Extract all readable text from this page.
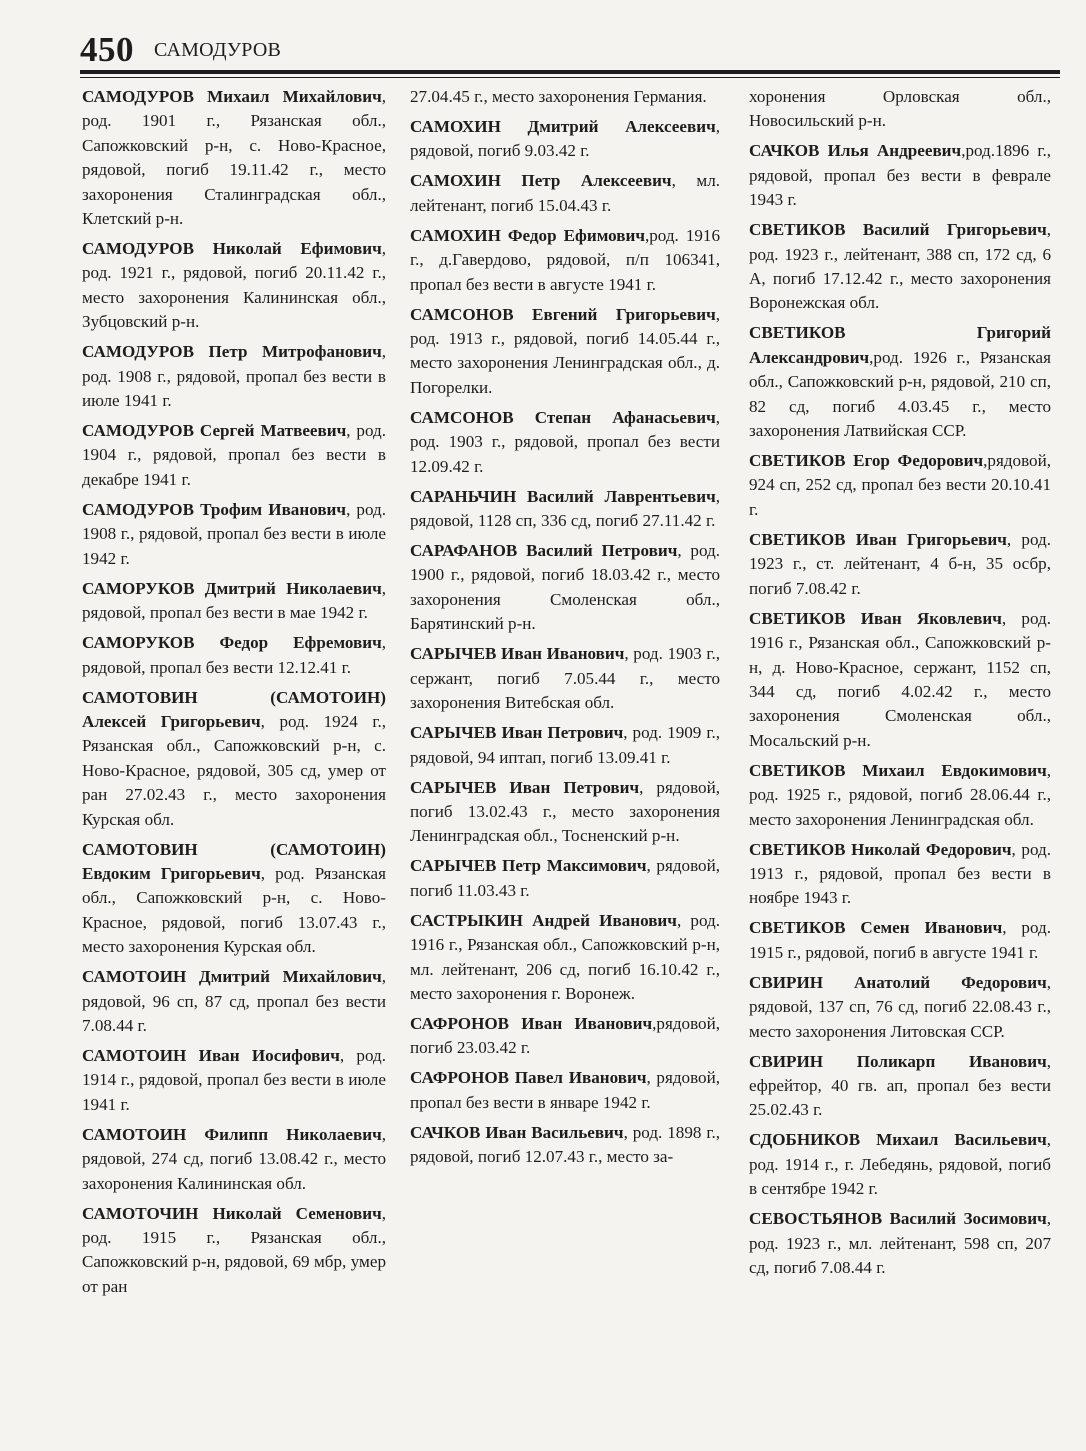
450 САМОДУРОВ
САМОДУРОВ Михаил Михайлович, род. 1901 г., Рязанская обл., Сапожковский р-н, с. Ново-Красное, рядовой, погиб 19.11.42 г., место захоронения Сталинградская обл., Клетский р-н.
САМОДУРОВ Николай Ефимович, род. 1921 г., рядовой, погиб 20.11.42 г., место захоронения Калининская обл., Зубцовский р-н.
САМОДУРОВ Петр Митрофанович, род. 1908 г., рядовой, пропал без вести в июле 1941 г.
САМОДУРОВ Сергей Матвеевич, род. 1904 г., рядовой, пропал без вести в декабре 1941 г.
САМОДУРОВ Трофим Иванович, род. 1908 г., рядовой, пропал без вести в июле 1942 г.
САМОРУКОВ Дмитрий Николаевич, рядовой, пропал без вести в мае 1942 г.
САМОРУКОВ Федор Ефремович, рядовой, пропал без вести 12.12.41 г.
САМОТОВИН (САМОТОИН) Алексей Григорьевич, род. 1924 г., Рязанская обл., Сапожковский р-н, с. Ново-Красное, рядовой, 305 сд, умер от ран 27.02.43 г., место захоронения Курская обл.
САМОТОВИН (САМОТОИН) Евдоким Григорьевич, род. Рязанская обл., Сапожковский р-н, с. Ново-Красное, рядовой, погиб 13.07.43 г., место захоронения Курская обл.
САМОТОИН Дмитрий Михайлович, рядовой, 96 сп, 87 сд, пропал без вести 7.08.44 г.
САМОТОИН Иван Иосифович, род. 1914 г., рядовой, пропал без вести в июле 1941 г.
САМОТОИН Филипп Николаевич, рядовой, 274 сд, погиб 13.08.42 г., место захоронения Калининская обл.
САМОТОЧИН Николай Семенович, род. 1915 г., Рязанская обл., Сапожковский р-н, рядовой, 69 мбр, умер от ран
27.04.45 г., место захоронения Германия.
САМОХИН Дмитрий Алексеевич, рядовой, погиб 9.03.42 г.
САМОХИН Петр Алексеевич, мл. лейтенант, погиб 15.04.43 г.
САМОХИН Федор Ефимович,род. 1916 г., д.Гавердово, рядовой, п/п 106341, пропал без вести в августе 1941 г.
САМСОНОВ Евгений Григорьевич, род. 1913 г., рядовой, погиб 14.05.44 г., место захоронения Ленинградская обл., д. Погорелки.
САМСОНОВ Степан Афанасьевич, род. 1903 г., рядовой, пропал без вести 12.09.42 г.
САРАНЬЧИН Василий Лаврентьевич, рядовой, 1128 сп, 336 сд, погиб 27.11.42 г.
САРАФАНОВ Василий Петрович, род. 1900 г., рядовой, погиб 18.03.42 г., место захоронения Смоленская обл., Барятинский р-н.
САРЫЧЕВ Иван Иванович, род. 1903 г., сержант, погиб 7.05.44 г., место захоронения Витебская обл.
САРЫЧЕВ Иван Петрович, род. 1909 г., рядовой, 94 иптап, погиб 13.09.41 г.
САРЫЧЕВ Иван Петрович, рядовой, погиб 13.02.43 г., место захоронения Ленинградская обл., Тосненский р-н.
САРЫЧЕВ Петр Максимович, рядовой, погиб 11.03.43 г.
САСТРЫКИН Андрей Иванович, род. 1916 г., Рязанская обл., Сапожковский р-н, мл. лейтенант, 206 сд, погиб 16.10.42 г., место захоронения г. Воронеж.
САФРОНОВ Иван Иванович,рядовой, погиб 23.03.42 г.
САФРОНОВ Павел Иванович, рядовой, пропал без вести в январе 1942 г.
САЧКОВ Иван Васильевич, род. 1898 г., рядовой, погиб 12.07.43 г., место за-
хоронения Орловская обл., Новосильский р-н.
САЧКОВ Илья Андреевич,род.1896 г., рядовой, пропал без вести в феврале 1943 г.
СВЕТИКОВ Василий Григорьевич, род. 1923 г., лейтенант, 388 сп, 172 сд, 6 А, погиб 17.12.42 г., место захоронения Воронежская обл.
СВЕТИКОВ Григорий Александрович,род. 1926 г., Рязанская обл., Сапожковский р-н, рядовой, 210 сп, 82 сд, погиб 4.03.45 г., место захоронения Латвийская ССР.
СВЕТИКОВ Егор Федорович,рядовой, 924 сп, 252 сд, пропал без вести 20.10.41 г.
СВЕТИКОВ Иван Григорьевич, род. 1923 г., ст. лейтенант, 4 б-н, 35 осбр, погиб 7.08.42 г.
СВЕТИКОВ Иван Яковлевич, род. 1916 г., Рязанская обл., Сапожковский р-н, д. Ново-Красное, сержант, 1152 сп, 344 сд, погиб 4.02.42 г., место захоронения Смоленская обл., Мосальский р-н.
СВЕТИКОВ Михаил Евдокимович, род. 1925 г., рядовой, погиб 28.06.44 г., место захоронения Ленинградская обл.
СВЕТИКОВ Николай Федорович, род. 1913 г., рядовой, пропал без вести в ноябре 1943 г.
СВЕТИКОВ Семен Иванович, род. 1915 г., рядовой, погиб в августе 1941 г.
СВИРИН Анатолий Федорович, рядовой, 137 сп, 76 сд, погиб 22.08.43 г., место захоронения Литовская ССР.
СВИРИН Поликарп Иванович, ефрейтор, 40 гв. ап, пропал без вести 25.02.43 г.
СДОБНИКОВ Михаил Васильевич, род. 1914 г., г. Лебедянь, рядовой, погиб в сентябре 1942 г.
СЕВОСТЬЯНОВ Василий Зосимович, род. 1923 г., мл. лейтенант, 598 сп, 207 сд, погиб 7.08.44 г.
